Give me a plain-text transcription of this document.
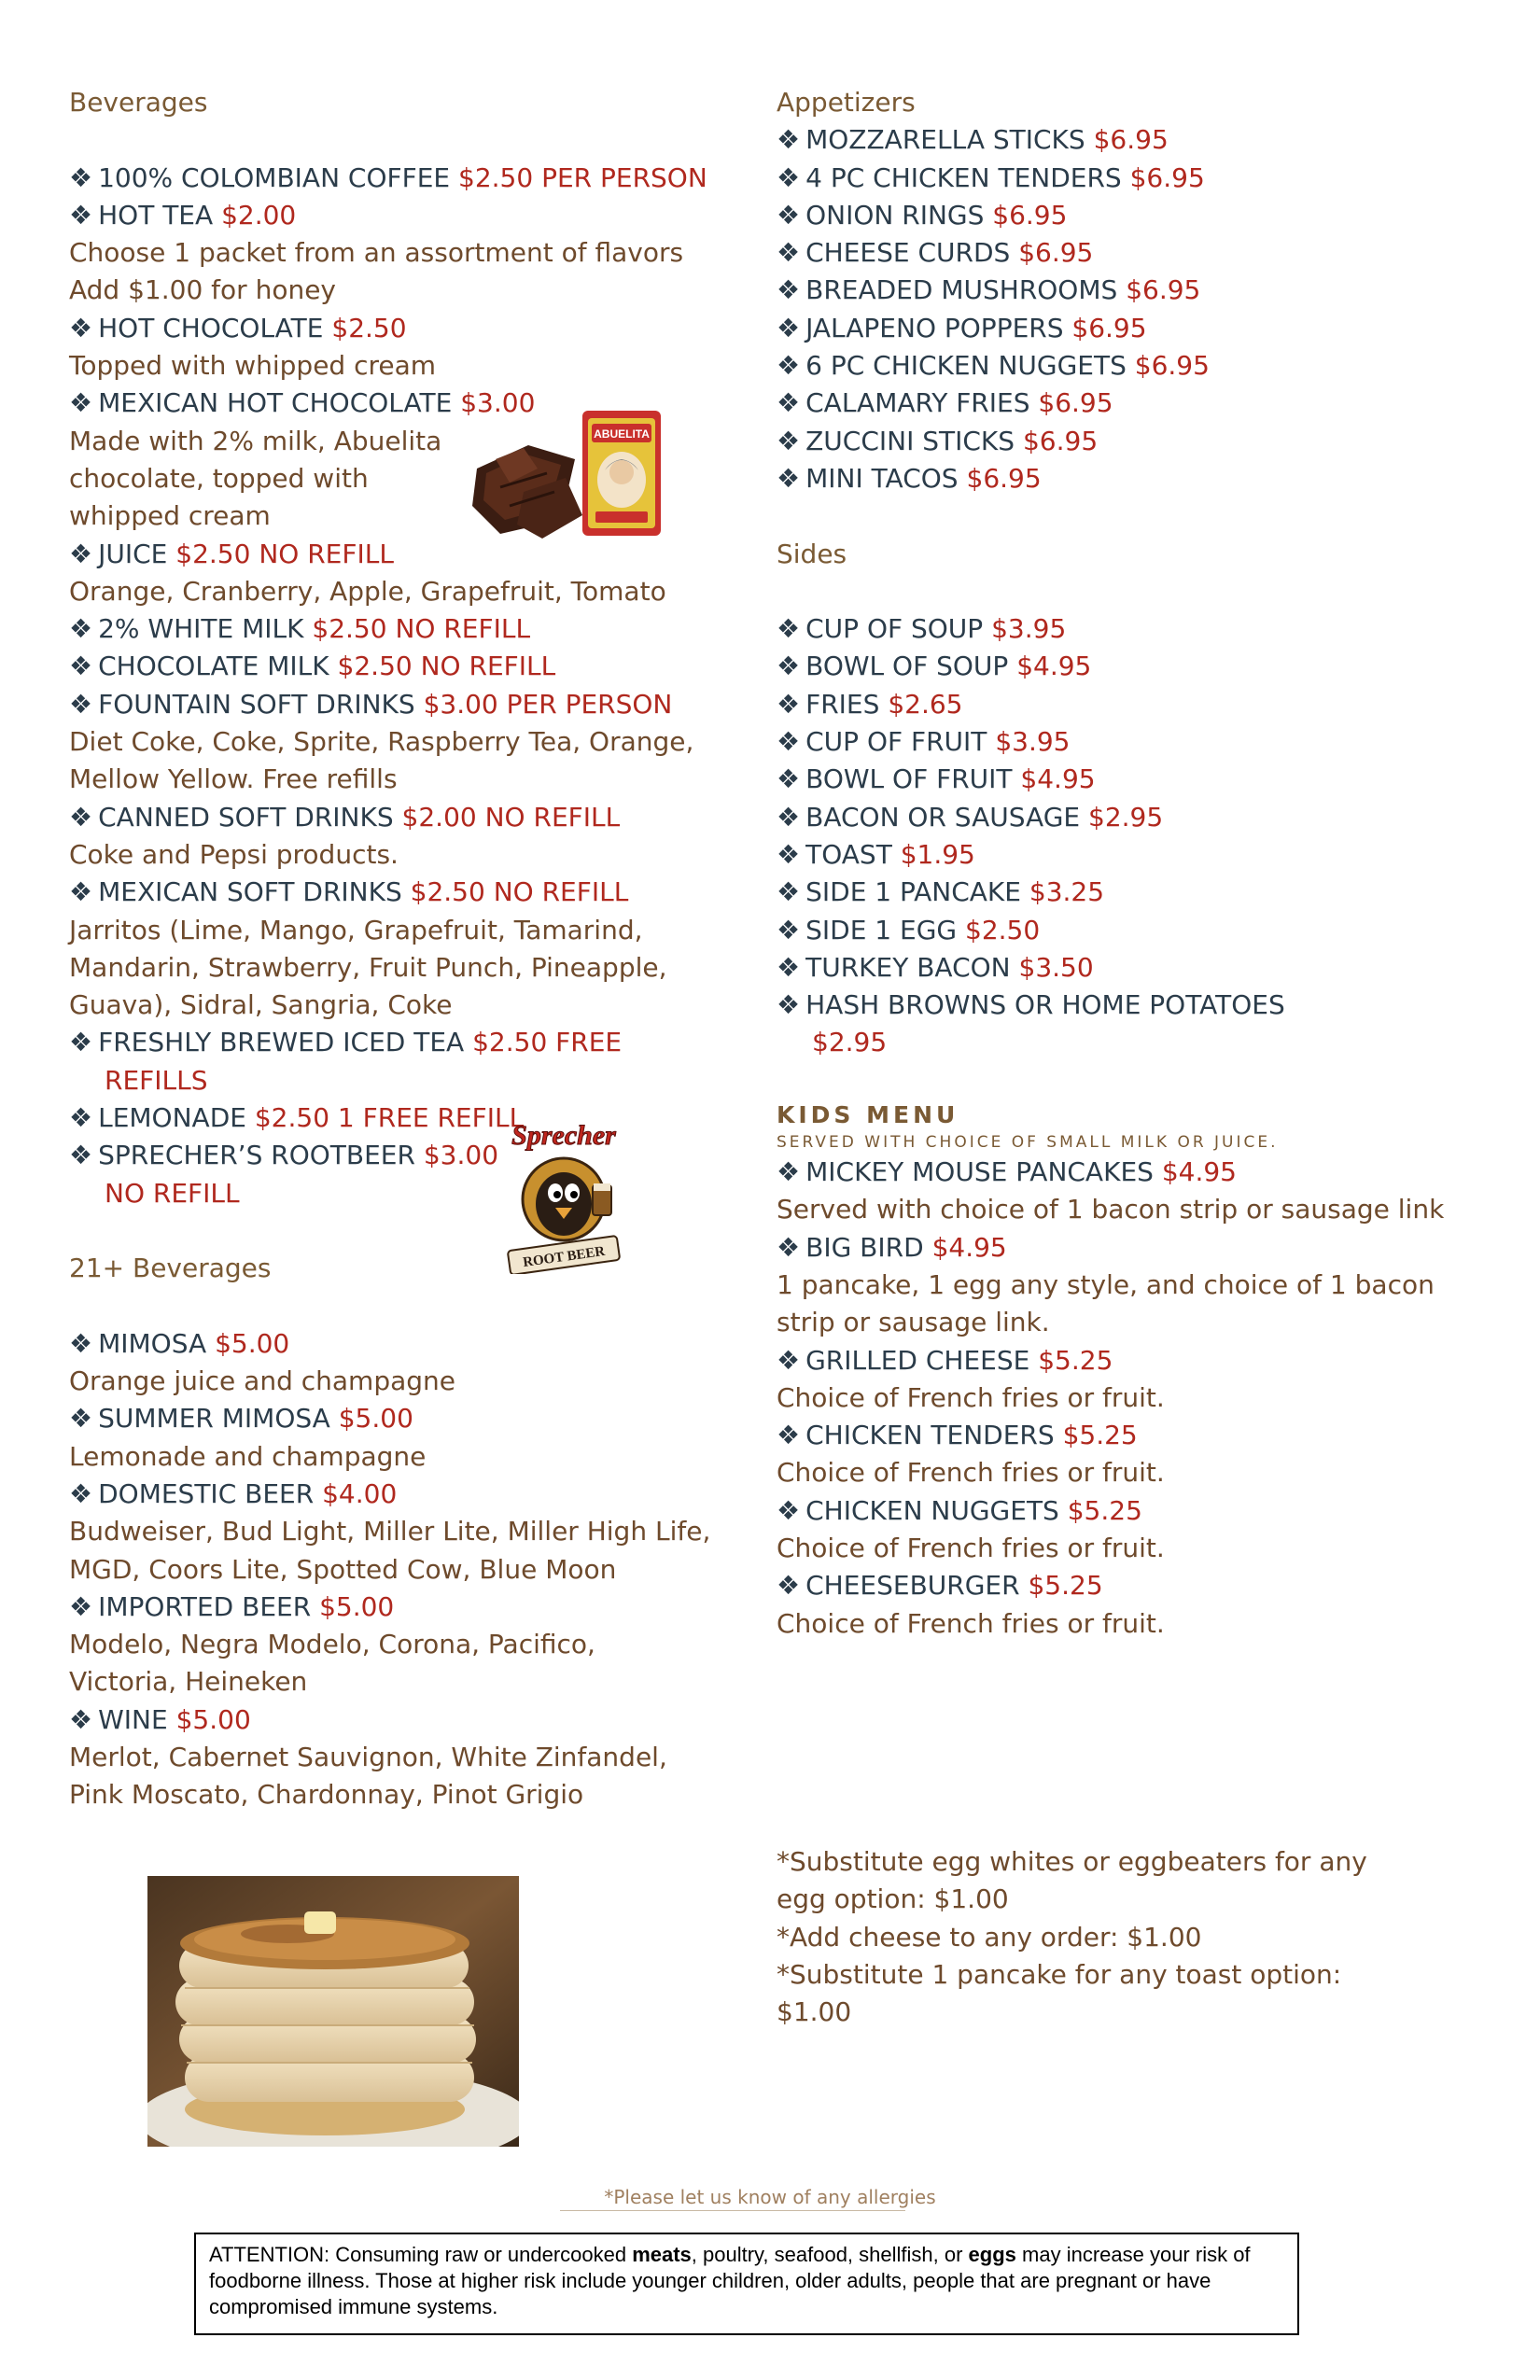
Beverages
❖ 100% COLOMBIAN COFFEE $2.50 PER PERSON
❖ HOT TEA $2.00
Choose 1 packet from an assortment of flavors
Add $1.00 for honey
❖ HOT CHOCOLATE $2.50
Topped with whipped cream
❖ MEXICAN HOT CHOCOLATE $3.00
Made with 2% milk, Abuelita
chocolate, topped with
whipped cream
❖ JUICE $2.50 NO REFILL
Orange, Cranberry, Apple, Grapefruit, Tomato
❖ 2% WHITE MILK $2.50 NO REFILL
❖ CHOCOLATE MILK $2.50 NO REFILL
❖ FOUNTAIN SOFT DRINKS $3.00 PER PERSON
Diet Coke, Coke, Sprite, Raspberry Tea, Orange,
Mellow Yellow. Free refills
❖ CANNED SOFT DRINKS $2.00 NO REFILL
Coke and Pepsi products.
❖ MEXICAN SOFT DRINKS $2.50 NO REFILL
Jarritos (Lime, Mango, Grapefruit, Tamarind,
Mandarin, Strawberry, Fruit Punch, Pineapple,
Guava), Sidral, Sangria, Coke
❖ FRESHLY BREWED ICED TEA $2.50 FREE
REFILLS
❖ LEMONADE $2.50 1 FREE REFILL
❖ SPRECHER’S ROOTBEER $3.00
NO REFILL
21+ Beverages
❖ MIMOSA $5.00
Orange juice and champagne
❖ SUMMER MIMOSA $5.00
Lemonade and champagne
❖ DOMESTIC BEER $4.00
Budweiser, Bud Light, Miller Lite, Miller High Life,
MGD, Coors Lite, Spotted Cow, Blue Moon
❖ IMPORTED BEER $5.00
Modelo, Negra Modelo, Corona, Pacifico,
Victoria, Heineken
❖ WINE $5.00
Merlot, Cabernet Sauvignon, White Zinfandel,
Pink Moscato, Chardonnay, Pinot Grigio
Appetizers
❖ MOZZARELLA STICKS $6.95
❖ 4 PC CHICKEN TENDERS $6.95
❖ ONION RINGS $6.95
❖ CHEESE CURDS $6.95
❖ BREADED MUSHROOMS $6.95
❖ JALAPENO POPPERS $6.95
❖ 6 PC CHICKEN NUGGETS $6.95
❖ CALAMARY FRIES $6.95
❖ ZUCCINI STICKS $6.95
❖ MINI TACOS $6.95
Sides
❖ CUP OF SOUP $3.95
❖ BOWL OF SOUP $4.95
❖ FRIES $2.65
❖ CUP OF FRUIT $3.95
❖ BOWL OF FRUIT $4.95
❖ BACON OR SAUSAGE $2.95
❖ TOAST $1.95
❖ SIDE 1 PANCAKE $3.25
❖ SIDE 1 EGG $2.50
❖ TURKEY BACON $3.50
❖ HASH BROWNS OR HOME POTATOES
$2.95
KIDS MENU
SERVED WITH CHOICE OF SMALL MILK OR JUICE.
❖ MICKEY MOUSE PANCAKES $4.95
Served with choice of 1 bacon strip or sausage link
❖ BIG BIRD $4.95
1 pancake, 1 egg any style, and choice of 1 bacon
strip or sausage link.
❖ GRILLED CHEESE $5.25
Choice of French fries or fruit.
❖ CHICKEN TENDERS $5.25
Choice of French fries or fruit.
❖ CHICKEN NUGGETS $5.25
Choice of French fries or fruit.
❖ CHEESEBURGER $5.25
Choice of French fries or fruit.
*Substitute egg whites or eggbeaters for any
egg option: $1.00
*Add cheese to any order: $1.00
*Substitute 1 pancake for any toast option:
$1.00
ABUELITA
Sprecher
ROOT BEER
*Please let us know of any allergies
ATTENTION: Consuming raw or undercooked meats, poultry, seafood, shellfish, or eggs may increase your risk of foodborne illness. Those at higher risk include younger children, older adults, people that are pregnant or have compromised immune systems.
